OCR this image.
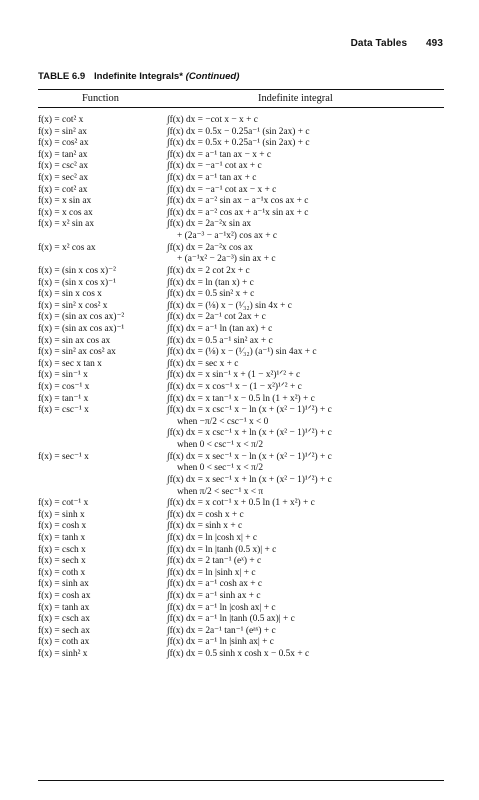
Data Tables 493
TABLE 6.9 Indefinite Integrals* (Continued)
Function	Indefinite integral
f(x) = cot² x	∫f(x) dx = −cot x − x + c
f(x) = sin² ax	∫f(x) dx = 0.5x − 0.25a⁻¹ (sin 2ax) + c
f(x) = cos² ax	∫f(x) dx = 0.5x + 0.25a⁻¹ (sin 2ax) + c
f(x) = tan² ax	∫f(x) dx = a⁻¹ tan ax − x + c
f(x) = csc² ax	∫f(x) dx = −a⁻¹ cot ax + c
f(x) = sec² ax	∫f(x) dx = a⁻¹ tan ax + c
f(x) = cot² ax	∫f(x) dx = −a⁻¹ cot ax − x + c
f(x) = x sin ax	∫f(x) dx = a⁻² sin ax − a⁻¹x cos ax + c
f(x) = x cos ax	∫f(x) dx = a⁻² cos ax + a⁻¹x sin ax + c
f(x) = x² sin ax	∫f(x) dx = 2a⁻²x sin ax
+ (2a⁻³ − a⁻¹x²) cos ax + c
f(x) = x² cos ax	∫f(x) dx = 2a⁻²x cos ax
+ (a⁻¹x² − 2a⁻³) sin ax + c
f(x) = (sin x cos x)⁻²	∫f(x) dx = 2 cot 2x + c
f(x) = (sin x cos x)⁻¹	∫f(x) dx = ln (tan x) + c
f(x) = sin x cos x	∫f(x) dx = 0.5 sin² x + c
f(x) = sin² x cos² x	∫f(x) dx = (⅛) x − (¹⁄₃₂) sin 4x + c
f(x) = (sin ax cos ax)⁻²	∫f(x) dx = 2a⁻¹ cot 2ax + c
f(x) = (sin ax cos ax)⁻¹	∫f(x) dx = a⁻¹ ln (tan ax) + c
f(x) = sin ax cos ax	∫f(x) dx = 0.5 a⁻¹ sin² ax + c
f(x) = sin² ax cos² ax	∫f(x) dx = (⅛) x − (¹⁄₃₂) (a⁻¹) sin 4ax + c
f(x) = sec x tan x	∫f(x) dx = sec x + c
f(x) = sin⁻¹ x	∫f(x) dx = x sin⁻¹ x + (1 − x²)¹ᐟ² + c
f(x) = cos⁻¹ x	∫f(x) dx = x cos⁻¹ x − (1 − x²)¹ᐟ² + c
f(x) = tan⁻¹ x	∫f(x) dx = x tan⁻¹ x − 0.5 ln (1 + x²) + c
f(x) = csc⁻¹ x	∫f(x) dx = x csc⁻¹ x − ln (x + (x² − 1)¹ᐟ²) + c
when −π/2 < csc⁻¹ x < 0
∫f(x) dx = x csc⁻¹ x + ln (x + (x² − 1)¹ᐟ²) + c
when 0 < csc⁻¹ x < π/2
f(x) = sec⁻¹ x	∫f(x) dx = x sec⁻¹ x − ln (x + (x² − 1)¹ᐟ²) + c
when 0 < sec⁻¹ x < π/2
∫f(x) dx = x sec⁻¹ x + ln (x + (x² − 1)¹ᐟ²) + c
when π/2 < sec⁻¹ x < π
f(x) = cot⁻¹ x	∫f(x) dx = x cot⁻¹ x + 0.5 ln (1 + x²) + c
f(x) = sinh x	∫f(x) dx = cosh x + c
f(x) = cosh x	∫f(x) dx = sinh x + c
f(x) = tanh x	∫f(x) dx = ln |cosh x| + c
f(x) = csch x	∫f(x) dx = ln |tanh (0.5 x)| + c
f(x) = sech x	∫f(x) dx = 2 tan⁻¹ (eˣ) + c
f(x) = coth x	∫f(x) dx = ln |sinh x| + c
f(x) = sinh ax	∫f(x) dx = a⁻¹ cosh ax + c
f(x) = cosh ax	∫f(x) dx = a⁻¹ sinh ax + c
f(x) = tanh ax	∫f(x) dx = a⁻¹ ln |cosh ax| + c
f(x) = csch ax	∫f(x) dx = a⁻¹ ln |tanh (0.5 ax)| + c
f(x) = sech ax	∫f(x) dx = 2a⁻¹ tan⁻¹ (eᵃˣ) + c
f(x) = coth ax	∫f(x) dx = a⁻¹ ln |sinh ax| + c
f(x) = sinh² x	∫f(x) dx = 0.5 sinh x cosh x − 0.5x + c
